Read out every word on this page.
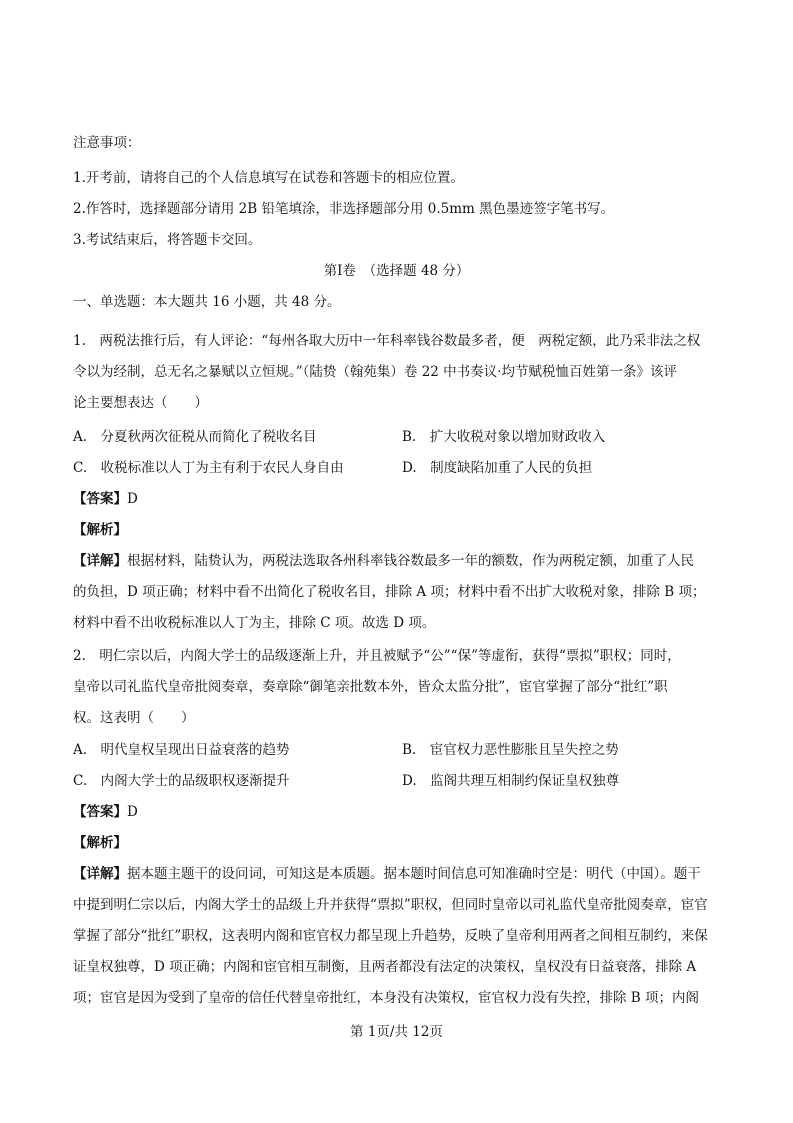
注意事项：
1.开考前，请将自己的个人信息填写在试卷和答题卡的相应位置。
2.作答时，选择题部分请用 2B 铅笔填涂，非选择题部分用 0.5mm 黑色墨迹签字笔书写。
3.考试结束后，将答题卡交回。
第Ⅰ卷　（选择题 48 分）
一、单选题：本大题共 16 小题，共 48 分。
1.　两税法推行后，有人评论：“每州各取大历中一年科率钱谷数最多者，便　两税定额，此乃采非法之权
令以为经制，总无名之暴赋以立恒规。”（陆贽（翰苑集）卷 22 中书奏议·均节赋税恤百姓第一条》该评
论主要想表达（　　）
A.　分夏秋两次征税从而简化了税收名目	B.　扩大收税对象以增加财政收入
C.　收税标准以人丁为主有利于农民人身自由	D.　制度缺陷加重了人民的负担
【答案】D
【解析】
【详解】根据材料，陆贽认为，两税法选取各州科率钱谷数最多一年的额数，作为两税定额，加重了人民
的负担，D 项正确；材料中看不出简化了税收名目，排除 A 项；材料中看不出扩大收税对象，排除 B 项；
材料中看不出收税标准以人丁为主，排除 C 项。故选 D 项。
2.　明仁宗以后，内阁大学士的品级逐渐上升，并且被赋予“公”“保”等虚衔，获得“票拟”职权；同时，
皇帝以司礼监代皇帝批阅奏章，奏章除“御笔亲批数本外，皆众太监分批”，宦官掌握了部分“批红”职
权。这表明（　　）
A.　明代皇权呈现出日益衰落的趋势	B.　宦官权力恶性膨胀且呈失控之势
C.　内阁大学士的品级职权逐渐提升	D.　监阁共理互相制约保证皇权独尊
【答案】D
【解析】
【详解】据本题主题干的设问词，可知这是本质题。据本题时间信息可知准确时空是：明代（中国）。题干
中提到明仁宗以后，内阁大学士的品级上升并获得“票拟”职权，但同时皇帝以司礼监代皇帝批阅奏章，宦官
掌握了部分“批红”职权，这表明内阁和宦官权力都呈现上升趋势，反映了皇帝利用两者之间相互制约，来保
证皇权独尊，D 项正确；内阁和宦官相互制衡，且两者都没有法定的决策权，皇权没有日益衰落，排除 A
项；宦官是因为受到了皇帝的信任代替皇帝批红，本身没有决策权，宦官权力没有失控，排除 B 项；内阁
第 1页/共 12页
